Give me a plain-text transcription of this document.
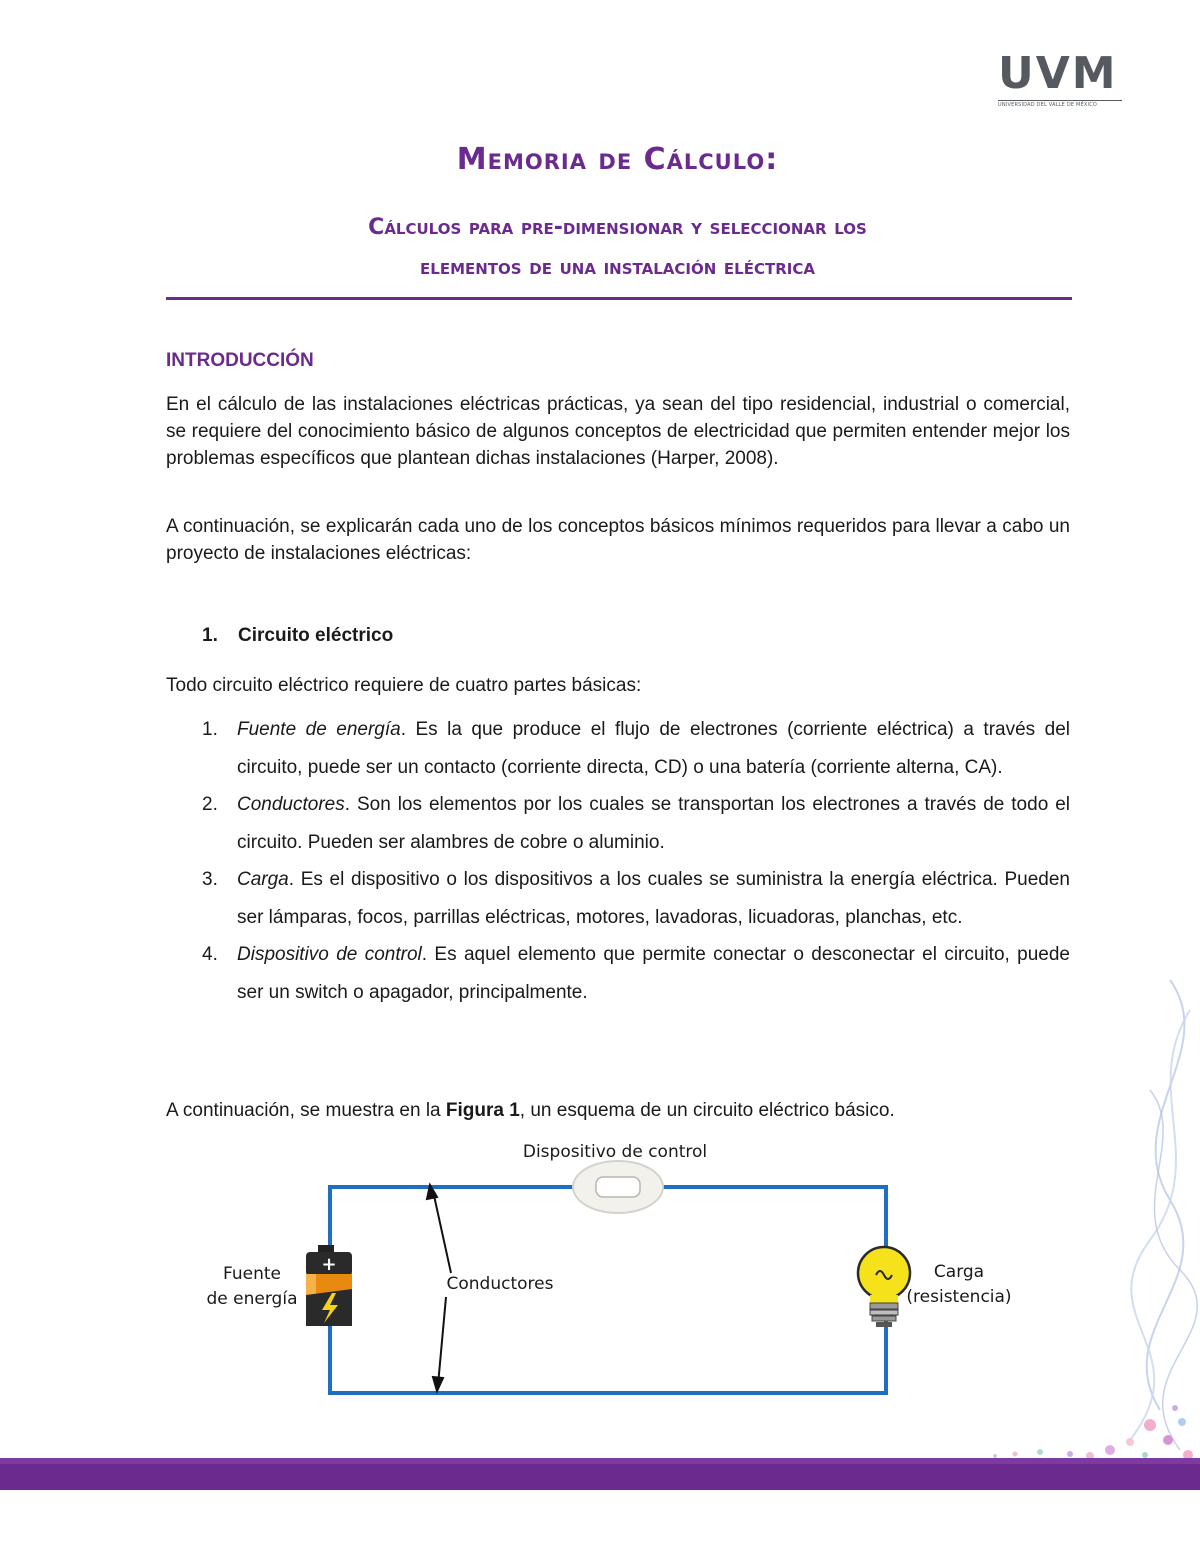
UVM
UNIVERSIDAD DEL VALLE DE MÉXICO
Memoria de Cálculo:
Cálculos para pre-dimensionar y seleccionar los
elementos de una instalación eléctrica
INTRODUCCIÓN
En el cálculo de las instalaciones eléctricas prácticas, ya sean del tipo residencial, industrial o comercial, se requiere del conocimiento básico de algunos conceptos de electricidad que permiten entender mejor los problemas específicos que plantean dichas instalaciones (Harper, 2008).
A continuación, se explicarán cada uno de los conceptos básicos mínimos requeridos para llevar a cabo un proyecto de instalaciones eléctricas:
1. Circuito eléctrico
Todo circuito eléctrico requiere de cuatro partes básicas:
1. Fuente de energía. Es la que produce el flujo de electrones (corriente eléctrica) a través del circuito, puede ser un contacto (corriente directa, CD) o una batería (corriente alterna, CA).
2. Conductores. Son los elementos por los cuales se transportan los electrones a través de todo el circuito. Pueden ser alambres de cobre o aluminio.
3. Carga. Es el dispositivo o los dispositivos a los cuales se suministra la energía eléctrica. Pueden ser lámparas, focos, parrillas eléctricas, motores, lavadoras, licuadoras, planchas, etc.
4. Dispositivo de control. Es aquel elemento que permite conectar o desconectar el circuito, puede ser un switch o apagador, principalmente.
A continuación, se muestra en la Figura 1, un esquema de un circuito eléctrico básico.
+
Dispositivo de control
Fuente
de energía
Conductores
Carga
(resistencia)
